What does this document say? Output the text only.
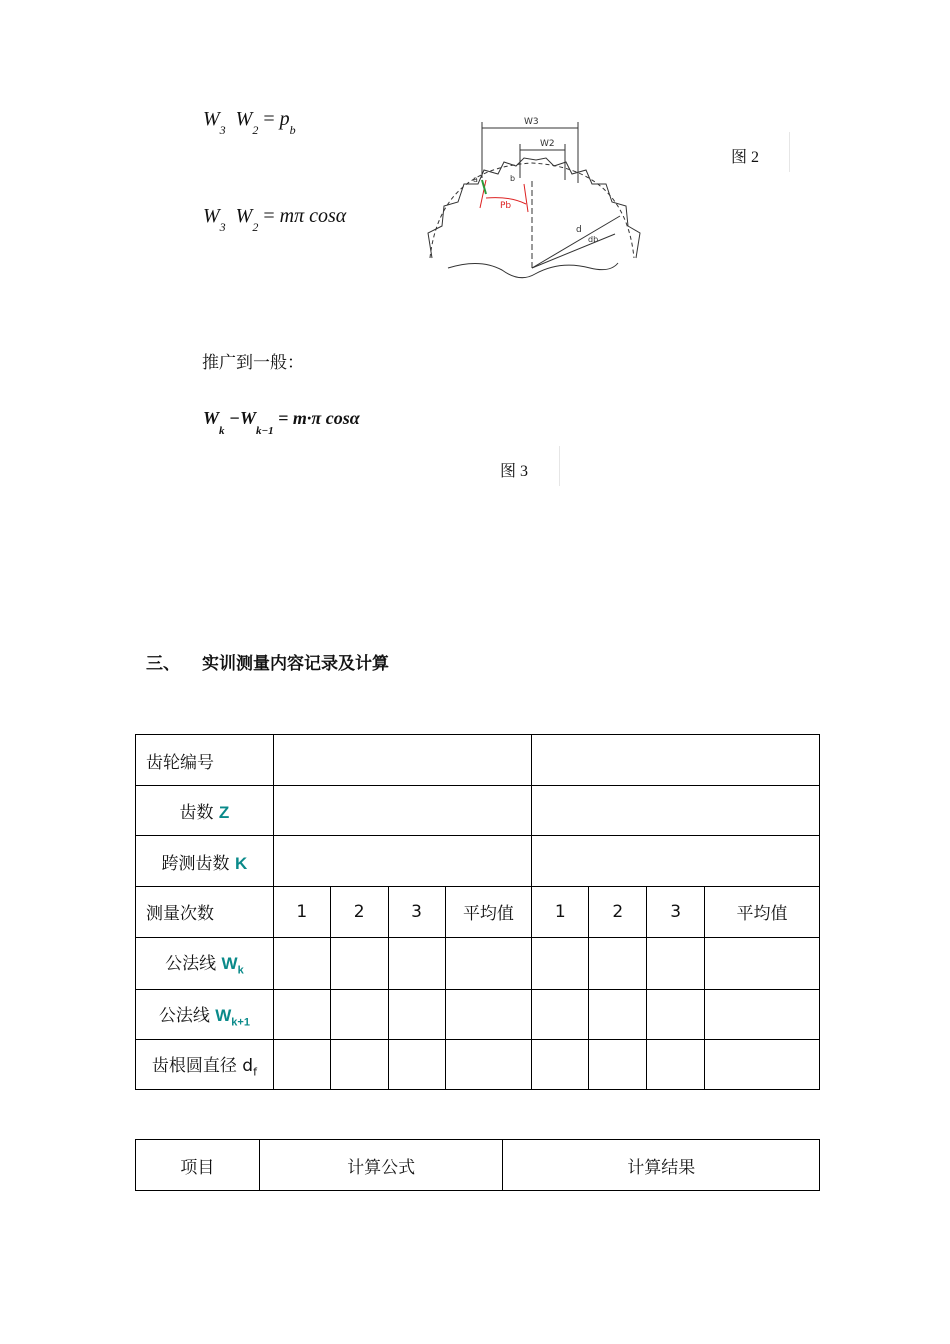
$W_3$ $W_2 = p_b$
$W_3$ $W_2 = m\pi$ cosα
W3
W2
a	b
Pb
d
db
图 2
推广到一般：
$W_k -W_{k-1} = m\cdot\pi$ cosα
图 3
三、 实训测量内容记录及计算
齿轮编号								
齿数 Z								
跨测齿数 K								
测量次数	1	2	3	平均值	1	2	3	平均值
公法线 $W_k$								
公法线 $W_{k+1}$								
齿根圆直径 $d_f$								
项目	计算公式	计算结果
